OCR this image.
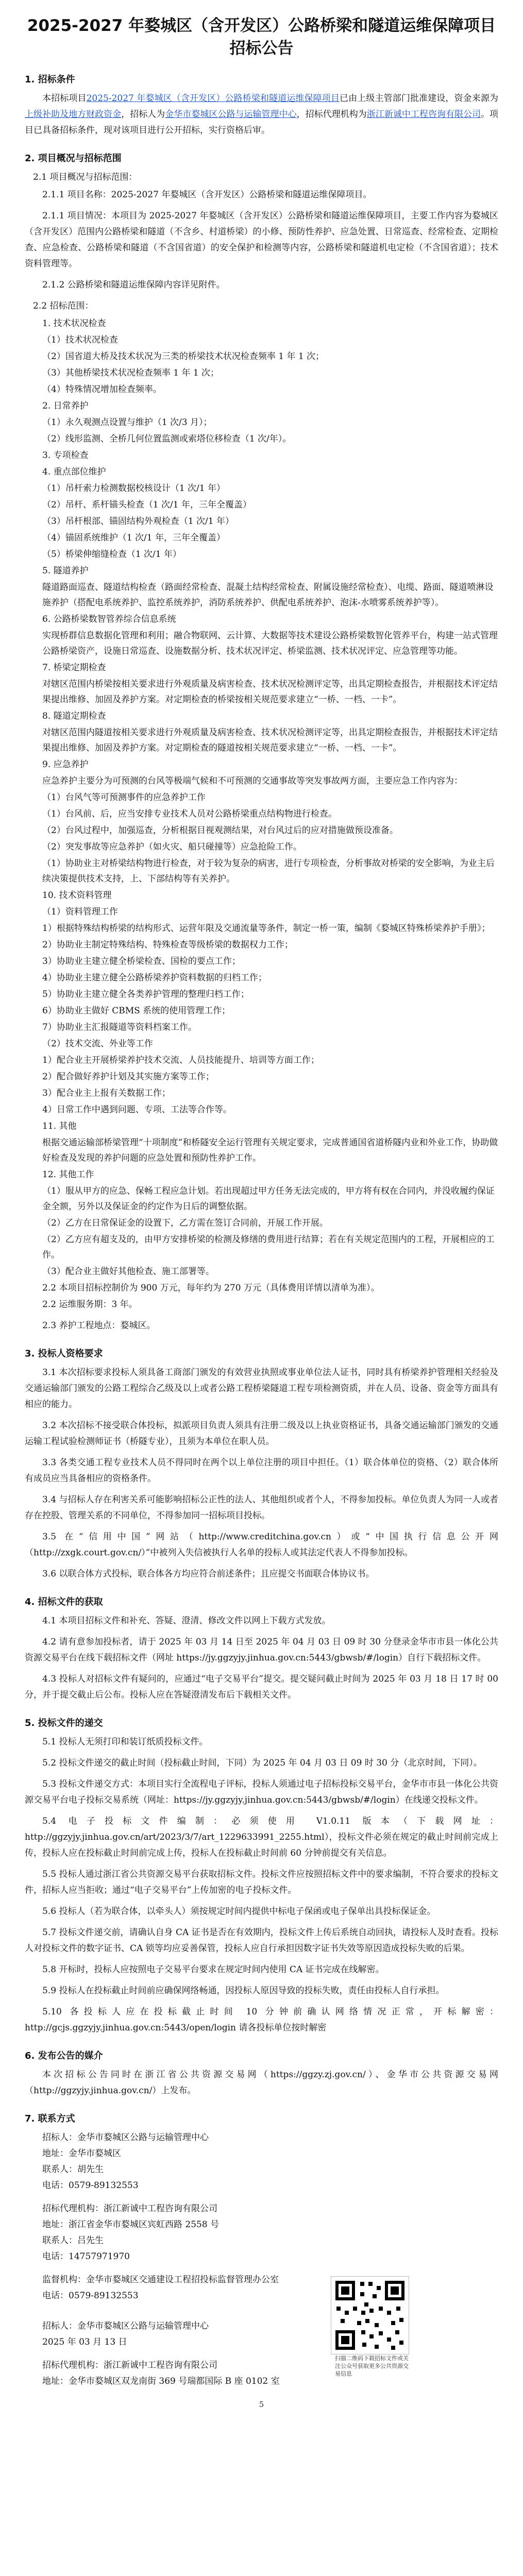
2025-2027 年婺城区（含开发区）公路桥梁和隧道运维保障项目
招标公告
1. 招标条件
本招标项目2025-2027 年婺城区（含开发区）公路桥梁和隧道运维保障项目已由上级主管部门批准建设，资金来源为上级补助及地方财政资金，招标人为金华市婺城区公路与运输管理中心，招标代理机构为浙江新诚中工程咨询有限公司。项目已具备招标条件，现对该项目进行公开招标，实行资格后审。
2. 项目概况与招标范围
2.1 项目概况与招标范围：
2.1.1 项目名称：2025-2027 年婺城区（含开发区）公路桥梁和隧道运维保障项目。
2.1.1 项目情况：本项目为 2025-2027 年婺城区（含开发区）公路桥梁和隧道运维保障项目，主要工作内容为婺城区（含开发区）范围内公路桥梁和隧道（不含乡、村道桥梁）的小修、预防性养护、应急处置、日常巡查、经常检查、定期检查、应急检查、公路桥梁和隧道（不含国省道）的安全保护和检测等内容，公路桥梁和隧道机电定检（不含国省道）；技术资料管理等。
2.1.2 公路桥梁和隧道运维保障内容详见附件。
2.2 招标范围：
1. 技术状况检查
（1）技术状况检查
（2）国省道大桥及技术状况为三类的桥梁技术状况检查频率 1 年 1 次；
（3）其他桥梁技术状况检查频率 1 年 1 次；
（4）特殊情况增加检查频率。
2. 日常养护
（1）永久观测点设置与维护（1 次/3 月）；
（2）线形监测、全桥几何位置监测或索塔位移检查（1 次/年）。
3. 专项检查
4. 重点部位维护
（1）吊杆索力检测数据校核设计（1 次/1 年）
（2）吊杆、系杆锚头检查（1 次/1 年，三年全覆盖）
（3）吊杆根部、锚固结构外观检查（1 次/1 年）
（4）锚固系统维护（1 次/1 年，三年全覆盖）
（5）桥梁伸缩缝检查（1 次/1 年）
5. 隧道养护
隧道路面巡查、隧道结构检查（路面经常检查、混凝土结构经常检查、附属设施经常检查）、电缆、路面、隧道喷淋设施养护（搭配电系统养护、监控系统养护，消防系统养护、供配电系统养护、泡沫-水喷雾系统养护等）。
6. 公路桥梁数智管养综合信息系统
实现桥群信息数据化管理和利用；融合物联网、云计算、大数据等技术建设公路桥梁数智化管养平台，构建一站式管理公路桥梁资产，设施日常巡查、设施数据分析、技术状况评定、桥梁监测、技术状况评定、应急管理等功能。
7. 桥梁定期检查
对辖区范围内桥梁按相关要求进行外观质量及病害检查、技术状况检测评定等，出具定期检查报告，并根据技术评定结果提出维修、加固及养护方案。对定期检查的桥梁按相关规范要求建立“一桥、一档、一卡”。
8. 隧道定期检查
对辖区范围内隧道按相关要求进行外观质量及病害检查、技术状况检测评定等，出具定期检查报告，并根据技术评定结果提出维修、加固及养护方案。对定期检查的隧道按相关规范要求建立“一桥、一档、一卡”。
9. 应急养护
应急养护主要分为可预测的台风等极端气候和不可预测的交通事故等突发事故两方面，主要应急工作内容为：
（1）台风气等可预测事件的应急养护工作
（1）台风前、后，应当安排专业技术人员对公路桥梁重点结构物进行检查。
（2）台风过程中，加强巡查，分析根据目视观测结果，对台风过后的应对措施做预设准备。
（2）突发事故等应急养护（如火灾、船只碰撞等）应急抢险工作。
（1）协助业主对桥梁结构物进行检查，对于较为复杂的病害，进行专项检查，分析事故对桥梁的安全影响，为业主后续决策提供技术支持，上、下部结构等有关养护。
10. 技术资料管理
（1）资料管理工作
1）根据特殊结构桥梁的结构形式、运营年限及交通流量等条件，制定一桥一策，编制《婺城区特殊桥梁养护手册》；
2）协助业主制定特殊结构、特殊检查等级桥梁的数据权力工作；
3）协助业主建立健全桥梁检查、国检的要点工作；
4）协助业主建立健全公路桥梁养护资料数据的归档工作；
5）协助业主建立健全各类养护管理的整理归档工作；
6）协助业主做好 CBMS 系统的使用管理工作；
7）协助业主汇报隧道等资料档案工作。
（2）技术交流、外业等工作
1）配合业主开展桥梁养护技术交流、人员技能提升、培训等方面工作；
2）配合做好养护计划及其实施方案等工作；
3）配合业主上报有关数据工作；
4）日常工作中遇到问题、专项、工法等合作等。
11. 其他
根据交通运输部桥梁管理“十项制度”和桥隧安全运行管理有关规定要求，完成普通国省道桥隧内业和外业工作，协助做好检查及发现的养护问题的应急处置和预防性养护工作。
12. 其他工作
（1）服从甲方的应急、保畅工程应急计划。若出现超过甲方任务无法完成的，甲方将有权在合同内，并没收履约保证金全额，另外以及保证金的约定作为日后的调整依据。
（2）乙方在日常保证金的设置下，乙方需在签订合同前，开展工作开展。
（2）乙方应有超支及的，由甲方安排桥梁的检测及修缮的费用进行结算；若在有关规定范围内的工程，开展相应的工作。
（3）配合业主做好其他检查、施工部署等。
2.2 本项目招标控制价为 900 万元，每年约为 270 万元（具体费用详情以清单为准）。
2.2 运维服务期：3 年。
2.3 养护工程地点：婺城区。
3. 投标人资格要求
3.1 本次招标要求投标人须具备工商部门颁发的有效营业执照或事业单位法人证书，同时具有桥梁养护管理相关经验及交通运输部门颁发的公路工程综合乙级及以上或者公路工程桥梁隧道工程专项检测资质，并在人员、设备、资金等方面具有相应的能力。
3.2 本次招标不接受联合体投标，拟派项目负责人须具有注册二级及以上执业资格证书，具备交通运输部门颁发的交通运输工程试验检测师证书（桥隧专业），且须为本单位在职人员。
3.3 各类交通工程专业技术人员不得同时在两个以上单位注册的项目中担任。（1）联合体单位的资格、（2）联合体所有成员应当具备相应的资格条件。
3.4 与招标人存在利害关系可能影响招标公正性的法人、其他组织或者个人，不得参加投标。单位负责人为同一人或者存在控股、管理关系的不同单位，不得参加同一招标项目投标。
3.5 在“信用中国”网站（http://www.creditchina.gov.cn）或“中国执行信息公开网（http://zxgk.court.gov.cn/）”中被列入失信被执行人名单的投标人或其法定代表人不得参加投标。
3.6 以联合体方式投标，联合体各方均应符合前述条件；且应提交书面联合体协议书。
4. 招标文件的获取
4.1 本项目招标文件和补充、答疑、澄清、修改文件以网上下载方式发放。
4.2 请有意参加投标者，请于 2025 年 03 月 14 日至 2025 年 04 月 03 日 09 时 30 分登录金华市市县一体化公共资源交易平台在线下载招标文件（网址 https://jy.ggzyjy.jinhua.gov.cn:5443/gbwsb/#/login）自行下载招标文件。
4.3 投标人对招标文件有疑问的，应通过“电子交易平台”提交。提交疑问截止时间为 2025 年 03 月 18 日 17 时 00 分，并于提交截止后公布。投标人应在答疑澄清发布后下载相关文件。
5. 投标文件的递交
5.1 投标人无须打印和装订纸质投标文件。
5.2 投标文件递交的截止时间（投标截止时间，下同）为 2025 年 04 月 03 日 09 时 30 分（北京时间，下同）。
5.3 投标文件递交方式：本项目实行全流程电子评标，投标人须通过电子招标投标交易平台，金华市市县一体化公共资源交易平台电子投标交易系统（网址：https://jy.ggzyjy.jinhua.gov.cn:5443/gbwsb/#/login）在线递交投标文件。
5.4 电子投标文件编制：必须使用 V1.0.11 版本（下载网址：http://ggzyjy.jinhua.gov.cn/art/2023/3/7/art_1229633991_2255.html），投标文件必须在规定的截止时间前完成上传，投标人应在投标截止时间前完成上传，投标人在投标截止时间前 60 分钟前提交有关信息。
5.5 投标人通过浙江省公共资源交易平台获取招标文件。投标文件应按照招标文件中的要求编制，不符合要求的投标文件，招标人应当拒收；通过“电子交易平台”上传加密的电子投标文件。
5.6 投标人（若为联合体，以牵头人）须按规定时间内提供中标电子保函或电子保单出具投标保证金。
5.7 投标文件递交前，请确认自身 CA 证书是否在有效期内，投标文件上传后系统自动回执，请投标人及时查看。投标人对投标文件的数字证书、CA 锁等均应妥善保管，投标人应自行承担因数字证书失效等原因造成投标失败的后果。
5.8 开标时，投标人应按照电子交易平台要求在规定时间内使用 CA 证书完成在线解密。
5.9 投标人在投标截止时间前应确保网络畅通，因投标人原因导致的投标失败，责任由投标人自行承担。
5.10 各投标人应在投标截止时间 10 分钟前确认网络情况正常，开标解密：http://gcjs.ggzyjy.jinhua.gov.cn:5443/open/login 请各投标单位按时解密
6. 发布公告的媒介
本次招标公告同时在浙江省公共资源交易网（https://ggzy.zj.gov.cn/）、金华市公共资源交易网（http://ggzyjy.jinhua.gov.cn/）上发布。
7. 联系方式
招标人：金华市婺城区公路与运输管理中心
地址：金华市婺城区
联系人：胡先生
电话：0579-89132553
招标代理机构：浙江新诚中工程咨询有限公司
地址：浙江省金华市婺城区宾虹西路 2558 号
联系人：吕先生
电话：14757971970
监督机构：金华市婺城区交通建设工程招投标监督管理办公室
电话：0579-89132553
招标人：金华市婺城区公路与运输管理中心
2025 年 03 月 13 日
招标代理机构：浙江新诚中工程咨询有限公司
地址：金华市婺城区双龙南街 369 号瑞都国际 B 座 0102 室
5
扫描二维码下载招标文件或关注公众号获取更多公共资源交易信息
